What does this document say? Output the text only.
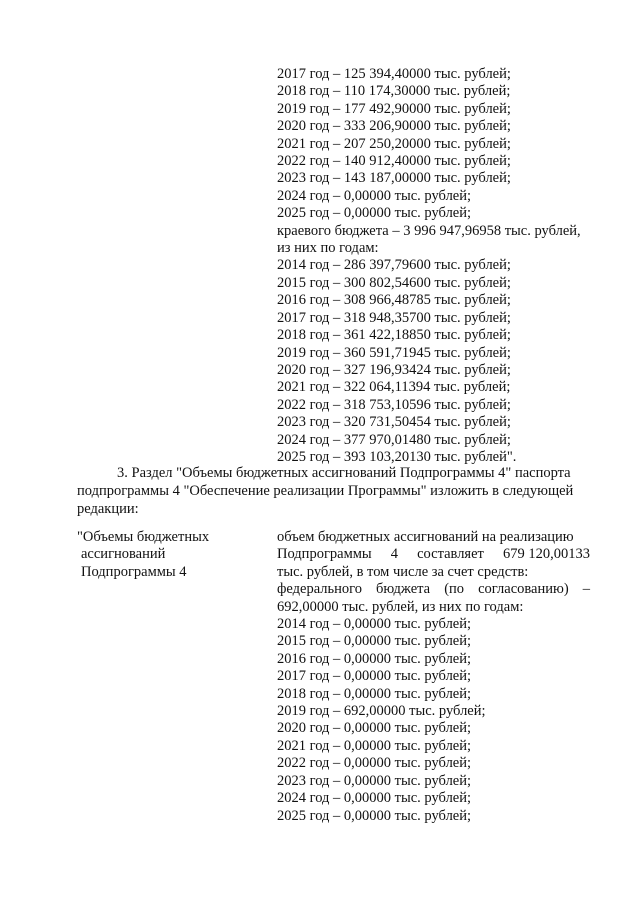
2017 год – 125 394,40000 тыс. рублей;
2018 год – 110 174,30000 тыс. рублей;
2019 год – 177 492,90000 тыс. рублей;
2020 год – 333 206,90000 тыс. рублей;
2021 год – 207 250,20000 тыс. рублей;
2022 год – 140 912,40000 тыс. рублей;
2023 год – 143 187,00000 тыс. рублей;
2024 год – 0,00000 тыс. рублей;
2025 год – 0,00000 тыс. рублей;
краевого бюджета – 3 996 947,96958 тыс. рублей,
из них по годам:
2014 год – 286 397,79600 тыс. рублей;
2015 год – 300 802,54600 тыс. рублей;
2016 год – 308 966,48785 тыс. рублей;
2017 год – 318 948,35700 тыс. рублей;
2018 год – 361 422,18850 тыс. рублей;
2019 год – 360 591,71945 тыс. рублей;
2020 год – 327 196,93424 тыс. рублей;
2021 год – 322 064,11394 тыс. рублей;
2022 год – 318 753,10596 тыс. рублей;
2023 год – 320 731,50454 тыс. рублей;
2024 год – 377 970,01480 тыс. рублей;
2025 год – 393 103,20130 тыс. рублей".
3. Раздел "Объемы бюджетных ассигнований Подпрограммы 4" паспорта
подпрограммы 4 "Обеспечение реализации Программы" изложить в следующей
редакции:
"Объемы бюджетных
ассигнований
Подпрограммы 4
объем бюджетных ассигнований на реализацию
Подпрограммы 4 составляет 679 120,00133
тыс. рублей, в том числе за счет средств:
федерального бюджета (по согласованию) –
692,00000 тыс. рублей, из них по годам:
2014 год – 0,00000 тыс. рублей;
2015 год – 0,00000 тыс. рублей;
2016 год – 0,00000 тыс. рублей;
2017 год – 0,00000 тыс. рублей;
2018 год – 0,00000 тыс. рублей;
2019 год – 692,00000 тыс. рублей;
2020 год – 0,00000 тыс. рублей;
2021 год – 0,00000 тыс. рублей;
2022 год – 0,00000 тыс. рублей;
2023 год – 0,00000 тыс. рублей;
2024 год – 0,00000 тыс. рублей;
2025 год – 0,00000 тыс. рублей;
